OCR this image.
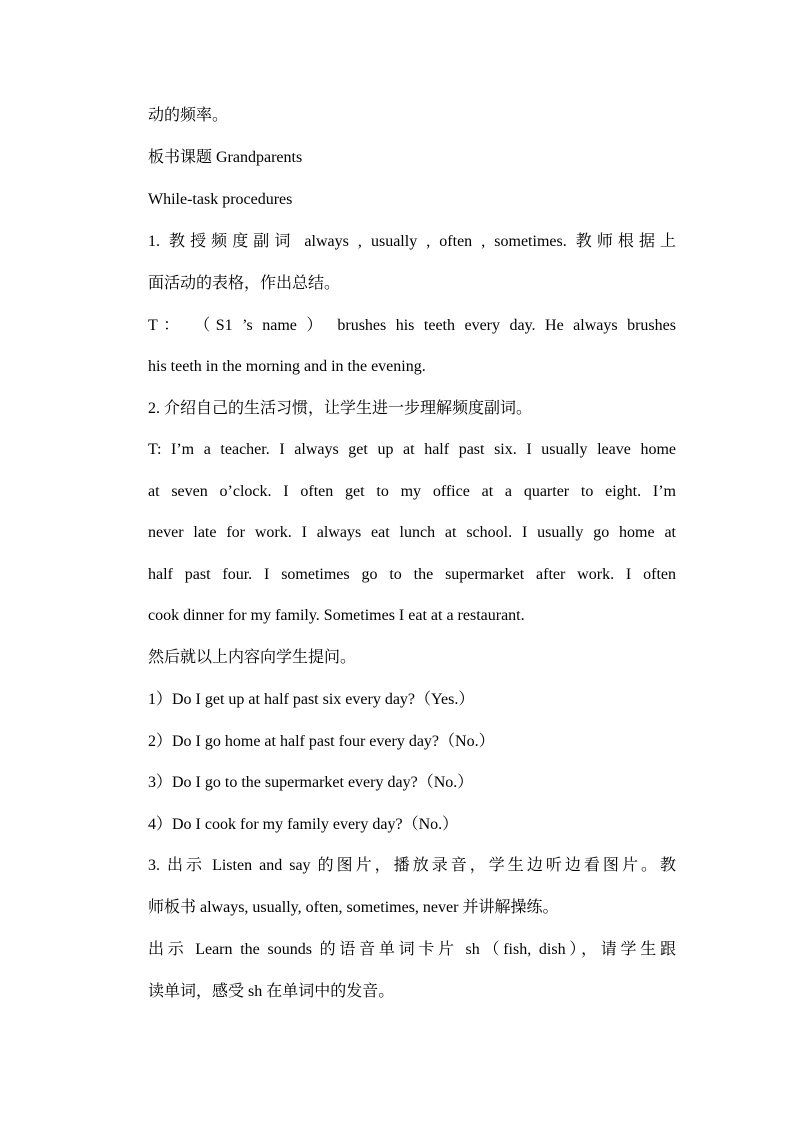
动的频率。
板书课题 Grandparents
While-task procedures
1. 教授频度副词 always , usually , often , sometimes. 教师根据上
面活动的表格，作出总结。
T： （S1 ’s name ） brushes his teeth every day. He always brushes
his teeth in the morning and in the evening.
2. 介绍自己的生活习惯，让学生进一步理解频度副词。
T: I’m a teacher. I always get up at half past six. I usually leave home
at seven o’clock. I often get to my office at a quarter to eight. I’m
never late for work. I always eat lunch at school. I usually go home at
half past four. I sometimes go to the supermarket after work. I often
cook dinner for my family. Sometimes I eat at a restaurant.
然后就以上内容向学生提问。
1）Do I get up at half past six every day?（Yes.）
2）Do I go home at half past four every day?（No.）
3）Do I go to the supermarket every day?（No.）
4）Do I cook for my family every day?（No.）
3. 出示 Listen and say 的图片，播放录音，学生边听边看图片。教
师板书 always, usually, often, sometimes, never 并讲解操练。
出示 Learn the sounds 的语音单词卡片 sh（fish, dish），请学生跟
读单词，感受 sh 在单词中的发音。
